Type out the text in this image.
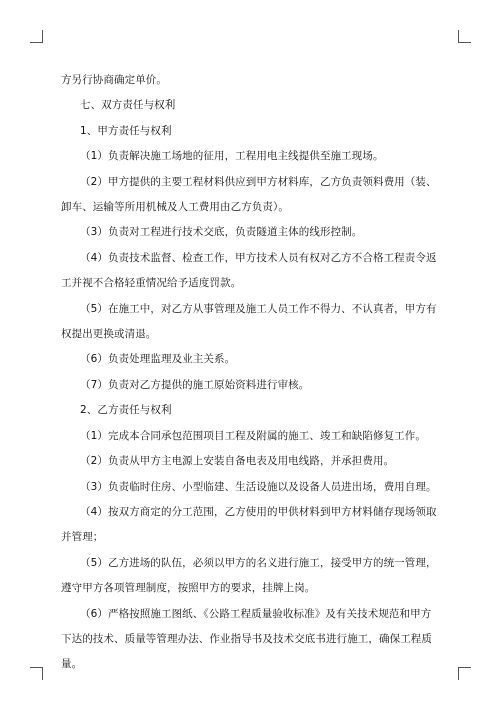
方另行协商确定单价。

七、双方责任与权利

1、甲方责任与权利

（1）负责解决施工场地的征用，工程用电主线提供至施工现场。

（2）甲方提供的主要工程材料供应到甲方材料库，乙方负责领料费用（装、卸车、运输等所用机械及人工费用由乙方负责）。

（3）负责对工程进行技术交底，负责隧道主体的线形控制。

（4）负责技术监督、检查工作，甲方技术人员有权对乙方不合格工程责令返工并视不合格轻重情况给予适度罚款。

（5）在施工中，对乙方从事管理及施工人员工作不得力、不认真者，甲方有权提出更换或清退。

（6）负责处理监理及业主关系。

（7）负责对乙方提供的施工原始资料进行审核。

2、乙方责任与权利

（1）完成本合同承包范围项目工程及附属的施工、竣工和缺陷修复工作。

（2）负责从甲方主电源上安装自备电表及用电线路，并承担费用。

（3）负责临时住房、小型临建、生活设施以及设备人员进出场，费用自理。

（4）按双方商定的分工范围，乙方使用的甲供材料到甲方材料储存现场领取并管理；

（5）乙方进场的队伍，必须以甲方的名义进行施工，接受甲方的统一管理，遵守甲方各项管理制度，按照甲方的要求，挂牌上岗。

（6）严格按照施工图纸、《公路工程质量验收标准》及有关技术规范和甲方下达的技术、质量等管理办法、作业指导书及技术交底书进行施工，确保工程质量。
